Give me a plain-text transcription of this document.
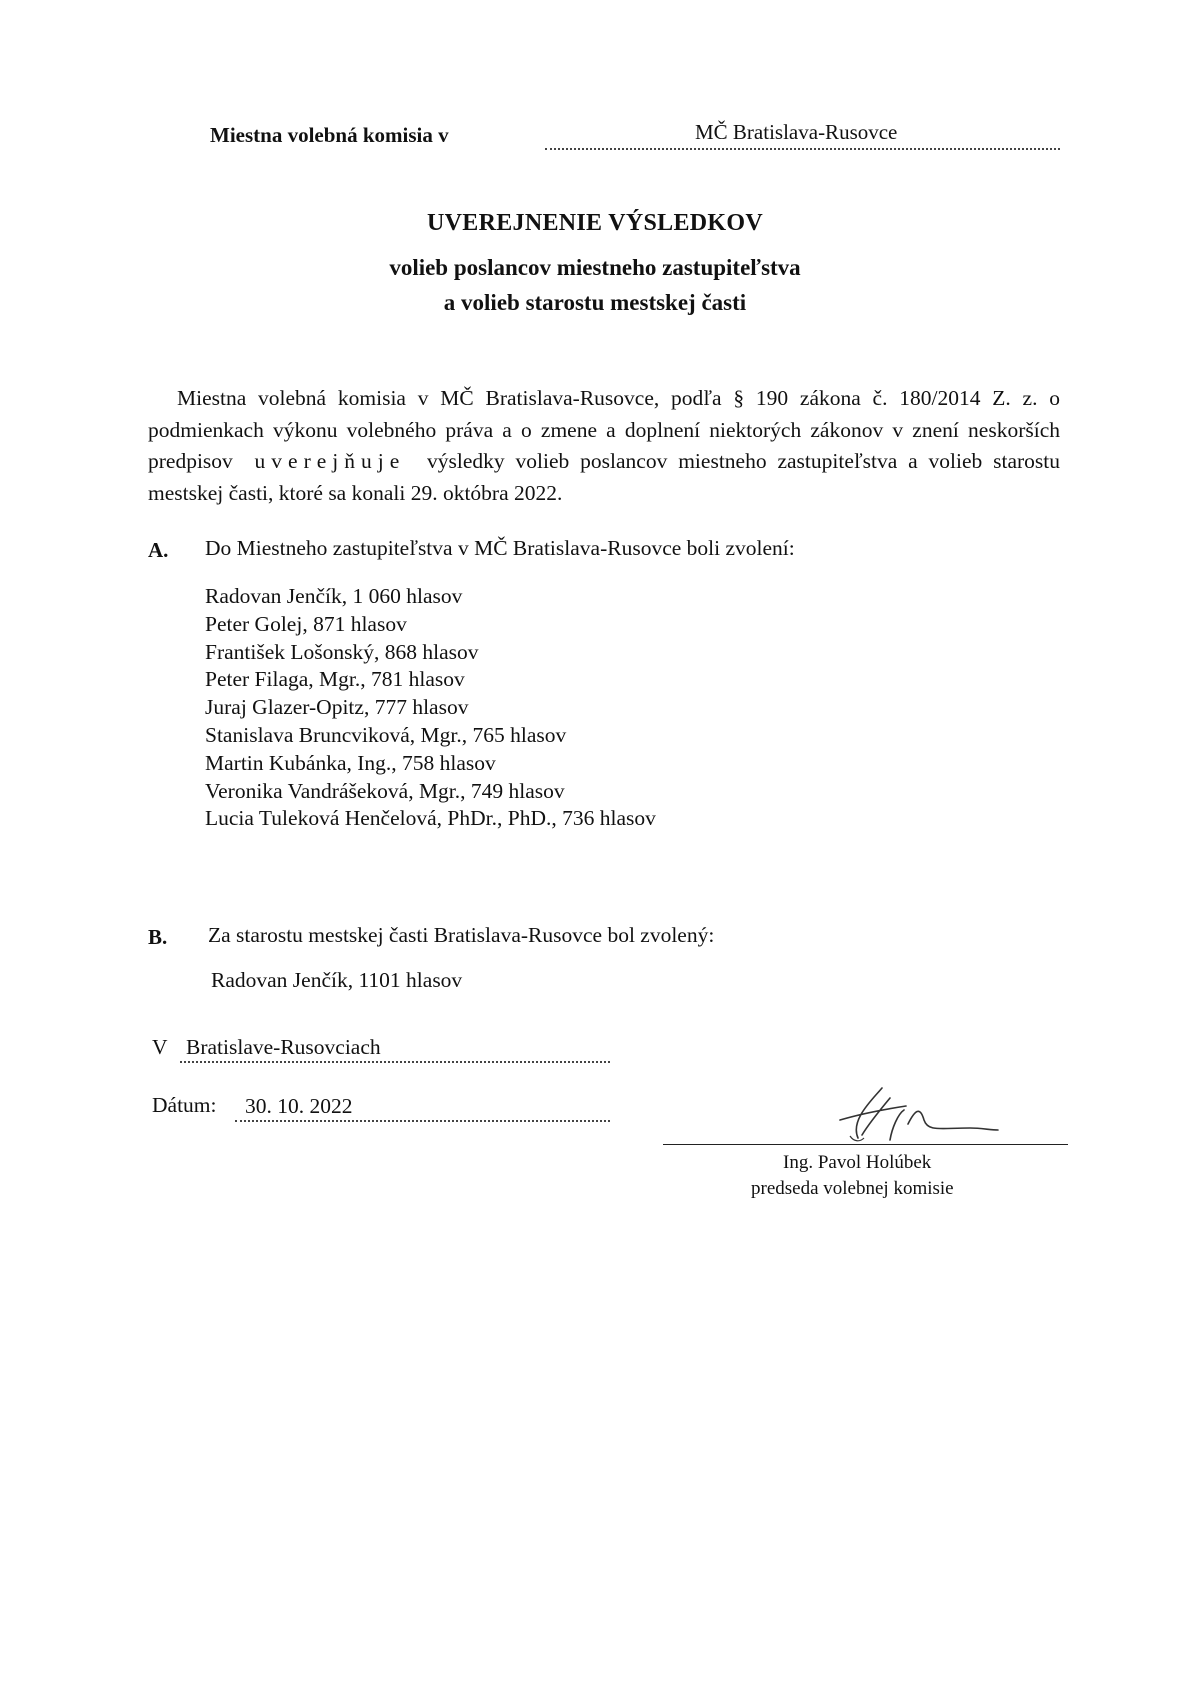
Miestna volebná komisia v	MČ Bratislava-Rusovce
UVEREJNENIE VÝSLEDKOV
volieb poslancov miestneho zastupiteľstva
a volieb starostu mestskej časti

Miestna volebná komisia v MČ Bratislava-Rusovce, podľa § 190 zákona č. 180/2014 Z. z. o podmienkach výkonu volebného práva a o zmene a doplnení niektorých zákonov v znení neskorších predpisov uverejňuje výsledky volieb poslancov miestneho zastupiteľstva a volieb starostu mestskej časti, ktoré sa konali 29. októbra 2022.

A. Do Miestneho zastupiteľstva v MČ Bratislava-Rusovce boli zvolení:
Radovan Jenčík, 1 060 hlasov
Peter Golej, 871 hlasov
František Lošonský, 868 hlasov
Peter Filaga, Mgr., 781 hlasov
Juraj Glazer-Opitz, 777 hlasov
Stanislava Bruncviková, Mgr., 765 hlasov
Martin Kubánka, Ing., 758 hlasov
Veronika Vandrášeková, Mgr., 749 hlasov
Lucia Tuleková Henčelová, PhDr., PhD., 736 hlasov
B. Za starostu mestskej časti Bratislava-Rusovce bol zvolený:
Radovan Jenčík, 1101 hlasov
V Bratislave-Rusovciach
Dátum: 30. 10. 2022
Ing. Pavol Holúbek
predseda volebnej komisie
